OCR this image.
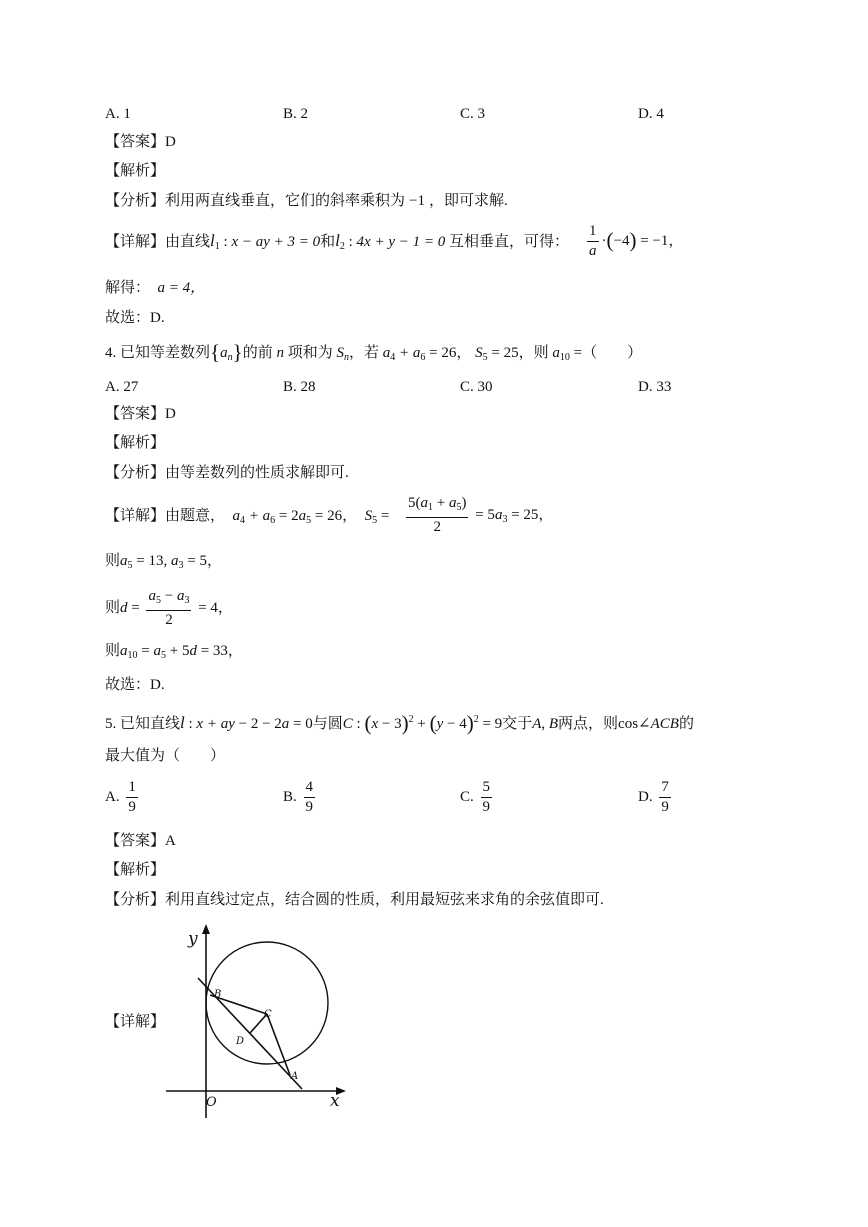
A. 1	B. 2	C. 3	D. 4
【答案】D
【解析】
【分析】利用两直线垂直，它们的斜率乘积为 −1 ，即可求解.
【详解】由直线$l_1$ : x − ay + 3 = 0和$l_2$ : 4x + y − 1 = 0 互相垂直，可得： $\frac{1}{a} \cdot(-4) = -1$，
解得： a = 4，
故选：D.
4. 已知等差数列$\{a_n\}$的前 n 项和为 $S_n$，若 $a_4 + a_6 = 26$， $S_5 = 25$，则 $a_{10}$ =（　　）
A. 27	B. 28	C. 30	D. 33
【答案】D
【解析】
【分析】由等差数列的性质求解即可.
【详解】由题意， $a_4 + a_6 = 2a_5 = 26$，  $S_5 = \frac{5(a_1 + a_5)}{2} = 5a_3 = 25$，
则$a_5 = 13$, $a_3 = 5$，
则$d = \frac{a_5 - a_3}{2} = 4$，
则$a_{10} = a_5 + 5d = 33$，
故选：D.
5. 已知直线l : x + ay − 2 − 2a = 0与圆C : $(x - 3)^2 + (y - 4)^2 = 9$交于A, B两点，则cos∠ACB的
最大值为（　　）
A. $\frac{1}{9}$	B. $\frac{4}{9}$	C. $\frac{5}{9}$	D. $\frac{7}{9}$
【答案】A
【解析】
【分析】利用直线过定点，结合圆的性质，利用最短弦来求角的余弦值即可.
【详解】
y
x
O
B
C
D
A
